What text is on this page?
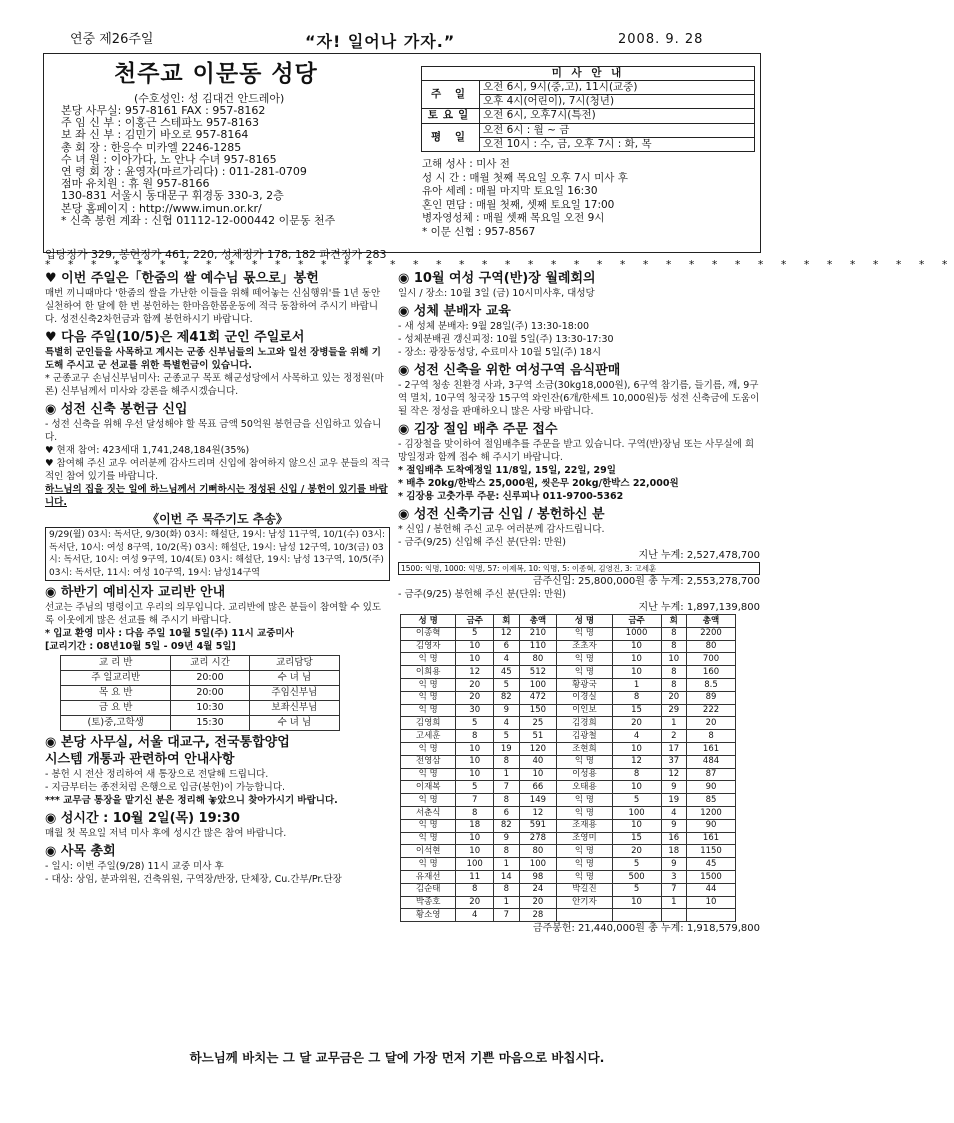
연중 제26주일	“자! 일어나 가자.”	2008. 9. 28
천주교 이문동 성당
(수호성인: 성 김대건 안드레아)
본당 사무실: 957-8161 FAX : 957-8162
주 임 신 부 : 이홍근 스테파노 957-8163
보 좌 신 부 : 김민기 바오로 957-8164
총 회 장 : 한응수 미카엘 2246-1285
수 녀 원 : 이아가다, 노 안나 수녀 957-8165
연 령 회 장 : 윤영자(마르가리다) : 011-281-0709
점마 유치원 : 휴 원 957-8166
130-831 서울시 동대문구 휘경동 330-3, 2층
본당 홈페이지 : http://www.imun.or.kr/
* 신축 봉헌 계좌 : 신협 01112-12-000442 이문동 천주
미 사 안 내	
주 일	오전 6시, 9시(중,고), 11시(교중)
	오후 4시(어린이), 7시(청년)
토요일	오전 6시, 오후7시(특전)
평 일	오전 6시 : 월 ~ 금
	오전 10시 : 수, 금, 오후 7시 : 화, 목
고해 성사 : 미사 전
성 시 간 : 매월 첫째 목요일 오후 7시 미사 후
유아 세례 : 매월 마지막 토요일 16:30
혼인 면담 : 매월 첫째, 셋째 토요일 17:00
병자영성체 : 매월 셋째 목요일 오전 9시
* 이문 신협 : 957-8567
입당정가 329, 봉헌정가 461, 220, 성체정가 178, 182 파견정가 283
* * * * * * * * * * * * * * * * * * * * * * * * * * * * * * * * * * * * * * * *
♥ 이번 주일은「한줌의 쌀 예수님 몫으로」봉헌
매번 끼니때마다 '한줌의 쌀을 가난한 이들을 위해 떼어놓는 신심행위'를 1년 동안 실천하여 한 달에 한 번 봉헌하는 한마음한몸운동에 적극 동참하여 주시기 바랍니다. 성전신축2차헌금과 함께 봉헌하시기 바랍니다.
♥ 다음 주일(10/5)은 제41회 군인 주일로서
특별히 군인들을 사목하고 계시는 군종 신부님들의 노고와 일선 장병들을 위해 기도해 주시고 군 선교를 위한 특별헌금이 있습니다.
* 군종교구 손님신부님미사: 군종교구 목포 해군성당에서 사목하고 있는 정정원(마론) 신부님께서 미사와 강론을 해주시겠습니다.
◉ 성전 신축 봉헌금 신입
- 성전 신축을 위해 우선 달성해야 할 목표 금액 50억원 봉헌금을 신입하고 있습니다.
♥ 현재 참여: 423세대 1,741,248,184원(35%)
♥ 참여해 주신 교우 여러분께 감사드리며 신입에 참여하지 않으신 교우 분들의 적극적인 참여 있기를 바랍니다.
하느님의 집을 짓는 일에 하느님께서 기뻐하시는 정성된 신입 / 봉헌이 있기를 바랍니다.
《이번 주 묵주기도 추송》
9/29(월) 03시: 독서단, 9/30(화) 03시: 해설단, 19시: 남성 11구역, 10/1(수) 03시: 독서단, 10시: 여성 8구역, 10/2(목) 03시: 해설단, 19시: 남성 12구역, 10/3(금) 03시: 독서단, 10시: 여성 9구역, 10/4(토) 03시: 해설단, 19시: 남성 13구역, 10/5(주) 03시: 독서단, 11시: 여성 10구역, 19시: 남성14구역
◉ 하반기 예비신자 교리반 안내
선교는 주님의 명령이고 우리의 의무입니다. 교리반에 많은 분들이 참여할 수 있도록 이웃에게 많은 선교를 해 주시기 바랍니다.
* 입교 환영 미사 : 다음 주일 10월 5일(주) 11시 교중미사
[교리기간 : 08년10월 5일 - 09년 4월 5일]
교 리 반	교리 시간	교리담당
주 일교리반	20:00	수 녀 님
목 요 반	20:00	주임신부님
금 요 반	10:30	보좌신부님
(토)중,고학생	15:30	수 녀 님
◉ 본당 사무실, 서울 대교구, 전국통합양업
시스템 개통과 관련하여 안내사항
- 봉헌 시 전산 정리하여 새 통장으로 전달해 드립니다.
- 지금부터는 종전처럼 은행으로 입금(봉헌)이 가능합니다.
*** 교무금 통장을 맡기신 분은 정리해 놓았으니 찾아가시기 바랍니다.
◉ 성시간 : 10월 2일(목) 19:30
매월 첫 목요일 저녁 미사 후에 성시간 많은 참여 바랍니다.
◉ 사목 총회
- 일시: 이번 주일(9/28) 11시 교중 미사 후
- 대상: 상임, 분과위원, 건축위원, 구역장/반장, 단체장, Cu.간부/Pr.단장
◉ 10월 여성 구역(반)장 월례회의
일시 / 장소: 10월 3일 (금) 10시미사후, 대성당
◉ 성체 분배자 교육
- 새 성체 분배자: 9월 28일(주) 13:30-18:00
- 성체분배권 갱신피정: 10월 5일(주) 13:30-17:30
- 장소: 광장동성당, 수료미사 10월 5일(주) 18시
◉ 성전 신축을 위한 여성구역 음식판매
- 2구역 청송 친환경 사과, 3구역 소금(30kg18,000원), 6구역 참기름, 들기름, 깨, 9구역 멸치, 10구역 청국장 15구역 와인잔(6개/한세트 10,000원)등 성전 신축금에 도움이 될 작은 정성을 판매하오니 많은 사랑 바랍니다.
◉ 김장 절임 배추 주문 접수
- 김장철을 맞이하여 절임배추를 주문을 받고 있습니다. 구역(반)장님 또는 사무실에 희망일정과 함께 접수 해 주시기 바랍니다.
* 절임배추 도착예정일 11/8일, 15일, 22일, 29일
* 배추 20kg/한박스 25,000원, 씻은무 20kg/한박스 22,000원
* 김장용 고춧가루 주문: 신루피나 011-9700-5362
◉ 성전 신축기금 신입 / 봉헌하신 분
* 신입 / 봉헌해 주신 교우 여러분께 감사드립니다.
- 금주(9/25) 신입해 주신 분(단위: 만원)
지난 누계: 2,527,478,700
1500: 익명, 1000: 익명, 57: 이제복, 10: 익명, 5: 이종혁, 김영진, 3: 고세훈
금주신입: 25,800,000원 총 누계: 2,553,278,700
- 금주(9/25) 봉헌해 주신 분(단위: 만원)
지난 누계: 1,897,139,800
성 명	금주	회	총액	성 명	금주	회	총액
이종혁	5	12	210	익 명	1000	8	2200
김영자	10	6	110	조초자	10	8	80
익 명	10	4	80	익 명	10	10	700
이희용	12	45	512	익 명	10	8	160
익 명	20	5	100	황광국	1	8	8.5
익 명	20	82	472	이경실	8	20	89
익 명	30	9	150	이인보	15	29	222
김영희	5	4	25	김경희	20	1	20
고세훈	8	5	51	김광철	4	2	8
익 명	10	19	120	조현희	10	17	161
전영삼	10	8	40	익 명	12	37	484
익 명	10	1	10	이성용	8	12	87
이재복	5	7	66	오태용	10	9	90
익 명	7	8	149	익 명	5	19	85
서춘식	8	6	12	익 명	100	4	1200
익 명	18	82	591	조재용	10	9	90
익 명	10	9	278	조영미	15	16	161
이석현	10	8	80	익 명	20	18	1150
익 명	100	1	100	익 명	5	9	45
유재선	11	14	98	익 명	500	3	1500
김순태	8	8	24	박길진	5	7	44
박종호	20	1	20	안기자	10	1	10
황소영	4	7	28				
금주봉헌: 21,440,000원 총 누계: 1,918,579,800
하느님께 바치는 그 달 교무금은 그 달에 가장 먼저 기쁜 마음으로 바칩시다.
